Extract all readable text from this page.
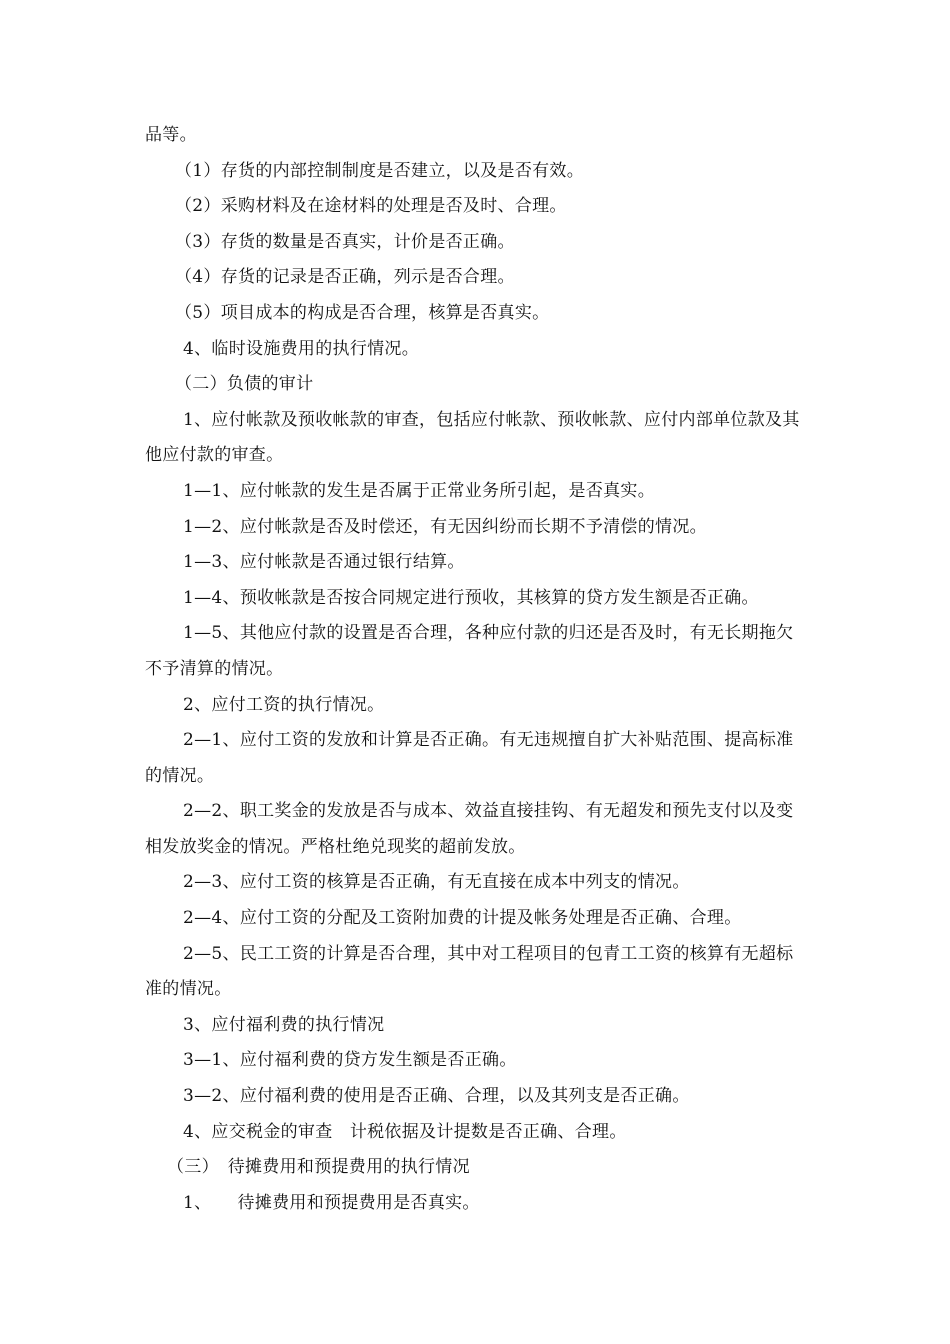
品等。

（1）存货的内部控制制度是否建立，以及是否有效。

（2）采购材料及在途材料的处理是否及时、合理。

（3）存货的数量是否真实，计价是否正确。

（4）存货的记录是否正确，列示是否合理。

（5）项目成本的构成是否合理，核算是否真实。

4、临时设施费用的执行情况。

（二）负债的审计

1、应付帐款及预收帐款的审查，包括应付帐款、预收帐款、应付内部单位款及其他应付款的审查。

1—1、应付帐款的发生是否属于正常业务所引起，是否真实。

1—2、应付帐款是否及时偿还，有无因纠纷而长期不予清偿的情况。

1—3、应付帐款是否通过银行结算。

1—4、预收帐款是否按合同规定进行预收，其核算的贷方发生额是否正确。

1—5、其他应付款的设置是否合理，各种应付款的归还是否及时，有无长期拖欠不予清算的情况。

2、应付工资的执行情况。

2—1、应付工资的发放和计算是否正确。有无违规擅自扩大补贴范围、提高标准的情况。

2—2、职工奖金的发放是否与成本、效益直接挂钩、有无超发和预先支付以及变相发放奖金的情况。严格杜绝兑现奖的超前发放。

2—3、应付工资的核算是否正确，有无直接在成本中列支的情况。

2—4、应付工资的分配及工资附加费的计提及帐务处理是否正确、合理。

2—5、民工工资的计算是否合理，其中对工程项目的包青工工资的核算有无超标准的情况。

3、应付福利费的执行情况

3—1、应付福利费的贷方发生额是否正确。

3—2、应付福利费的使用是否正确、合理，以及其列支是否正确。

4、应交税金的审查　计税依据及计提数是否正确、合理。

（三）　待摊费用和预提费用的执行情况

1、　　待摊费用和预提费用是否真实。
